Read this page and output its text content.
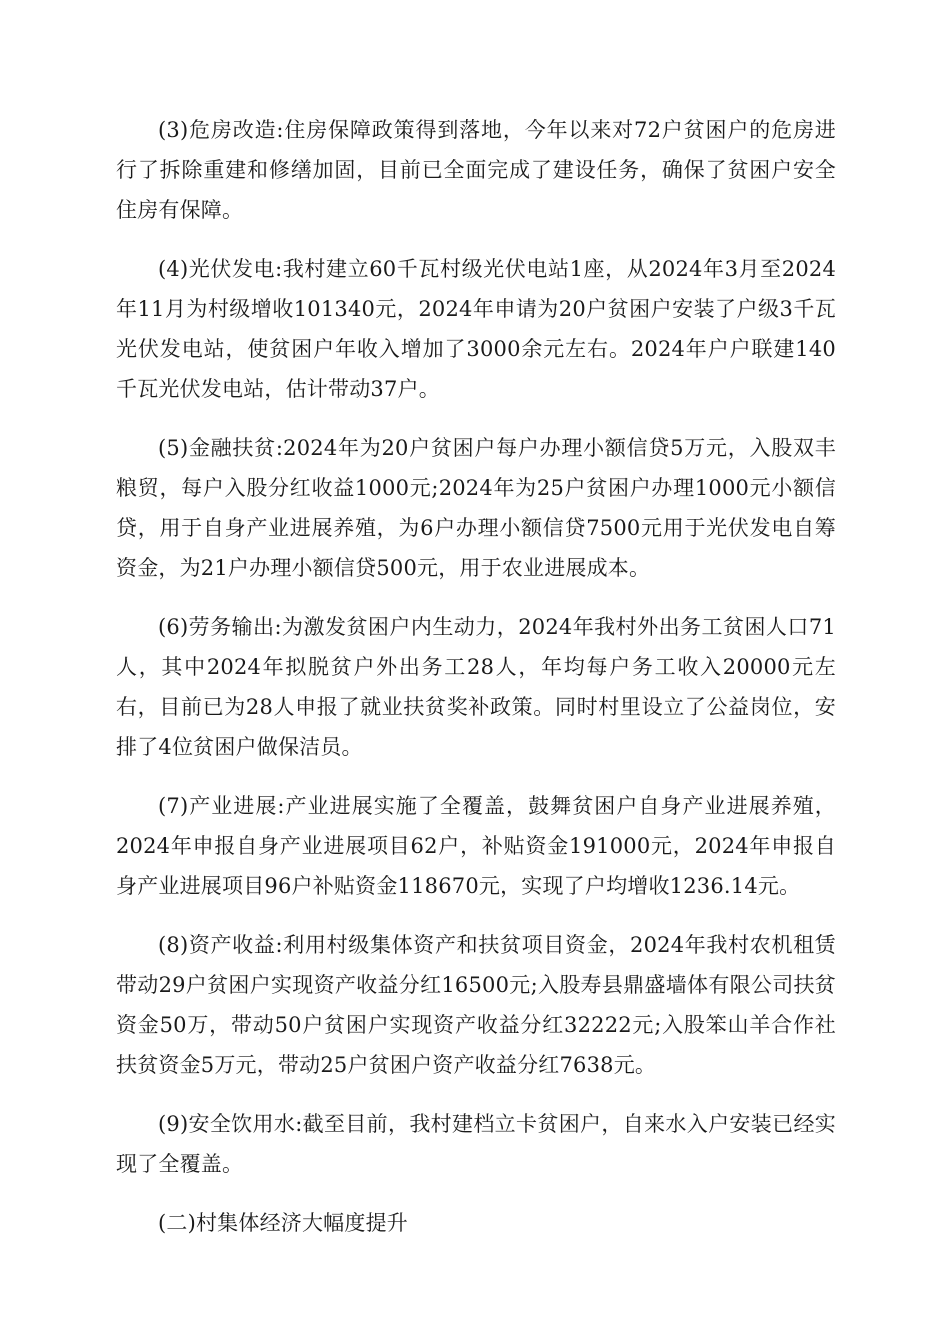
(3)危房改造:住房保障政策得到落地，今年以来对72户贫困户的危房进行了拆除重建和修缮加固，目前已全面完成了建设任务，确保了贫困户安全住房有保障。

(4)光伏发电:我村建立60千瓦村级光伏电站1座，从2024年3月至2024年11月为村级增收101340元，2024年申请为20户贫困户安装了户级3千瓦光伏发电站，使贫困户年收入增加了3000余元左右。2024年户户联建140千瓦光伏发电站，估计带动37户。

(5)金融扶贫:2024年为20户贫困户每户办理小额信贷5万元，入股双丰粮贸，每户入股分红收益1000元;2024年为25户贫困户办理1000元小额信贷，用于自身产业进展养殖，为6户办理小额信贷7500元用于光伏发电自筹资金，为21户办理小额信贷500元，用于农业进展成本。

(6)劳务输出:为激发贫困户内生动力，2024年我村外出务工贫困人口71人，其中2024年拟脱贫户外出务工28人，年均每户务工收入20000元左右，目前已为28人申报了就业扶贫奖补政策。同时村里设立了公益岗位，安排了4位贫困户做保洁员。

(7)产业进展:产业进展实施了全覆盖，鼓舞贫困户自身产业进展养殖，2024年申报自身产业进展项目62户，补贴资金191000元，2024年申报自身产业进展项目96户补贴资金118670元，实现了户均增收1236.14元。

(8)资产收益:利用村级集体资产和扶贫项目资金，2024年我村农机租赁带动29户贫困户实现资产收益分红16500元;入股寿县鼎盛墙体有限公司扶贫资金50万，带动50户贫困户实现资产收益分红32222元;入股笨山羊合作社扶贫资金5万元，带动25户贫困户资产收益分红7638元。

(9)安全饮用水:截至目前，我村建档立卡贫困户，自来水入户安装已经实现了全覆盖。

(二)村集体经济大幅度提升
